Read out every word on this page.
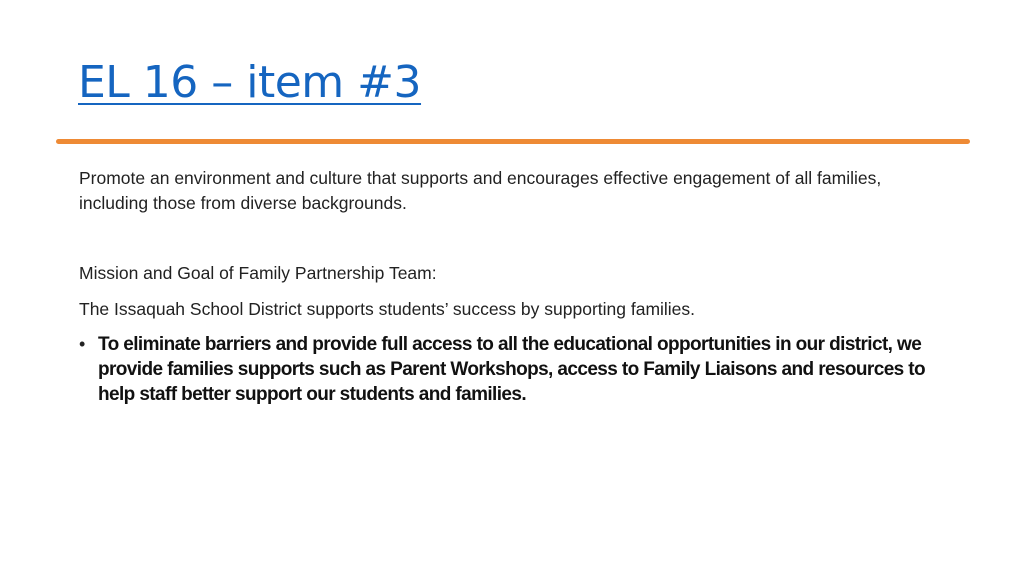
EL 16 – item #3

Promote an environment and culture that supports and encourages effective engagement of all families, including those from diverse backgrounds.

Mission and Goal of Family Partnership Team:

The Issaquah School District supports students’ success by supporting families.

• To eliminate barriers and provide full access to all the educational opportunities in our district, we provide families supports such as Parent Workshops, access to Family Liaisons and resources to help staff better support our students and families.
